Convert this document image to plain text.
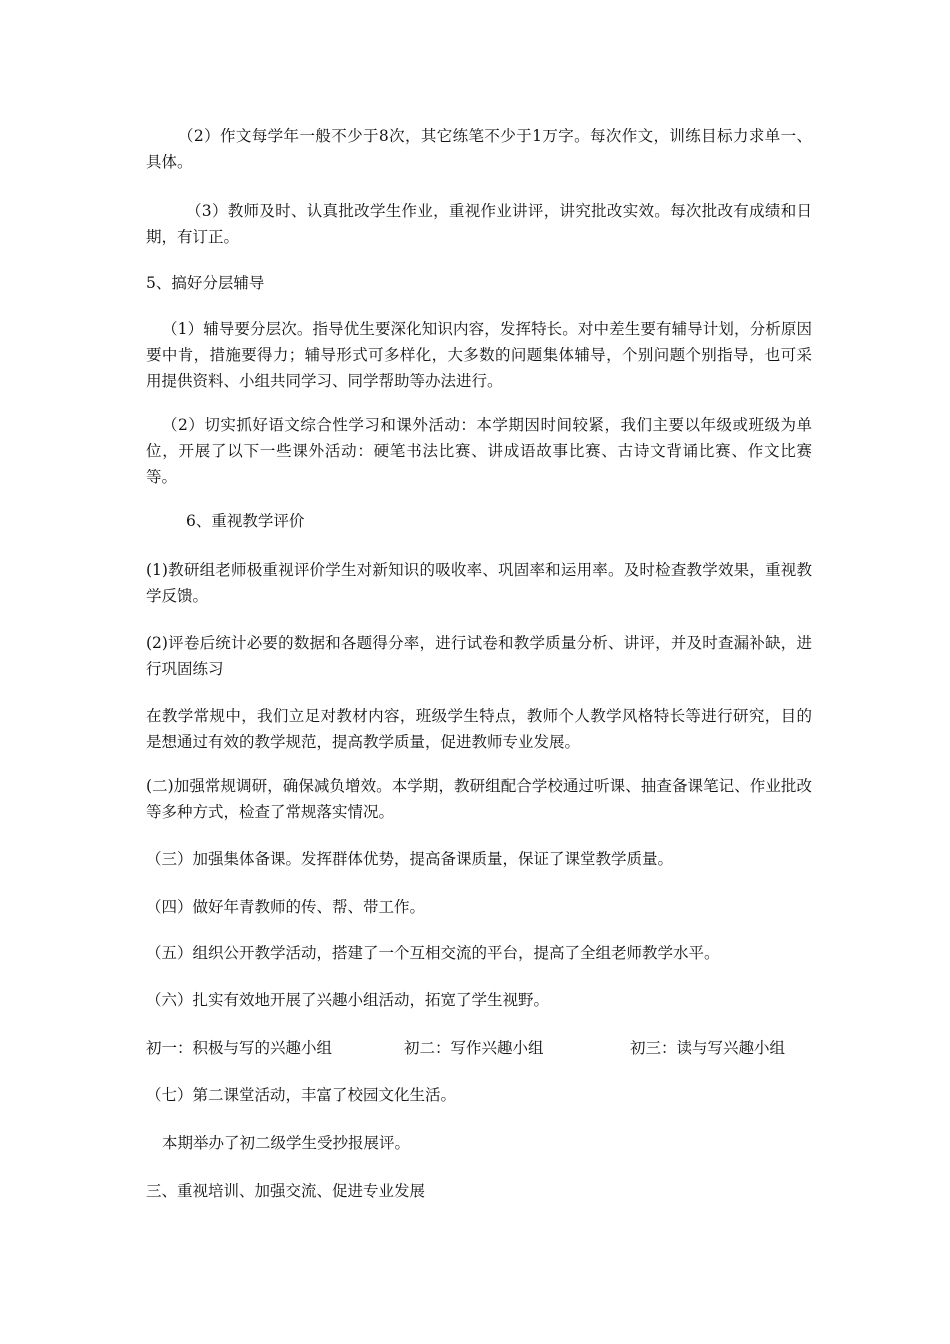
（2）作文每学年一般不少于8次，其它练笔不少于1万字。每次作文，训练目标力求单一、具体。

（3）教师及时、认真批改学生作业，重视作业讲评，讲究批改实效。每次批改有成绩和日期，有订正。

5、搞好分层辅导

（1）辅导要分层次。指导优生要深化知识内容，发挥特长。对中差生要有辅导计划，分析原因要中肯，措施要得力；辅导形式可多样化，大多数的问题集体辅导，个别问题个别指导，也可采用提供资料、小组共同学习、同学帮助等办法进行。

（2）切实抓好语文综合性学习和课外活动：本学期因时间较紧，我们主要以年级或班级为单位，开展了以下一些课外活动：硬笔书法比赛、讲成语故事比赛、古诗文背诵比赛、作文比赛等。

6、重视教学评价

(1)教研组老师极重视评价学生对新知识的吸收率、巩固率和运用率。及时检查教学效果，重视教学反馈。

(2)评卷后统计必要的数据和各题得分率，进行试卷和教学质量分析、讲评，并及时查漏补缺，进行巩固练习

在教学常规中，我们立足对教材内容，班级学生特点，教师个人教学风格特长等进行研究，目的是想通过有效的教学规范，提高教学质量，促进教师专业发展。

(二)加强常规调研，确保减负增效。本学期，教研组配合学校通过听课、抽查备课笔记、作业批改等多种方式，检查了常规落实情况。

（三）加强集体备课。发挥群体优势，提高备课质量，保证了课堂教学质量。

（四）做好年青教师的传、帮、带工作。

（五）组织公开教学活动，搭建了一个互相交流的平台，提高了全组老师教学水平。

（六）扎实有效地开展了兴趣小组活动，拓宽了学生视野。

初一：积极与写的兴趣小组	初二：写作兴趣小组	初三：读与写兴趣小组

（七）第二课堂活动，丰富了校园文化生活。

本期举办了初二级学生受抄报展评。

三、重视培训、加强交流、促进专业发展
